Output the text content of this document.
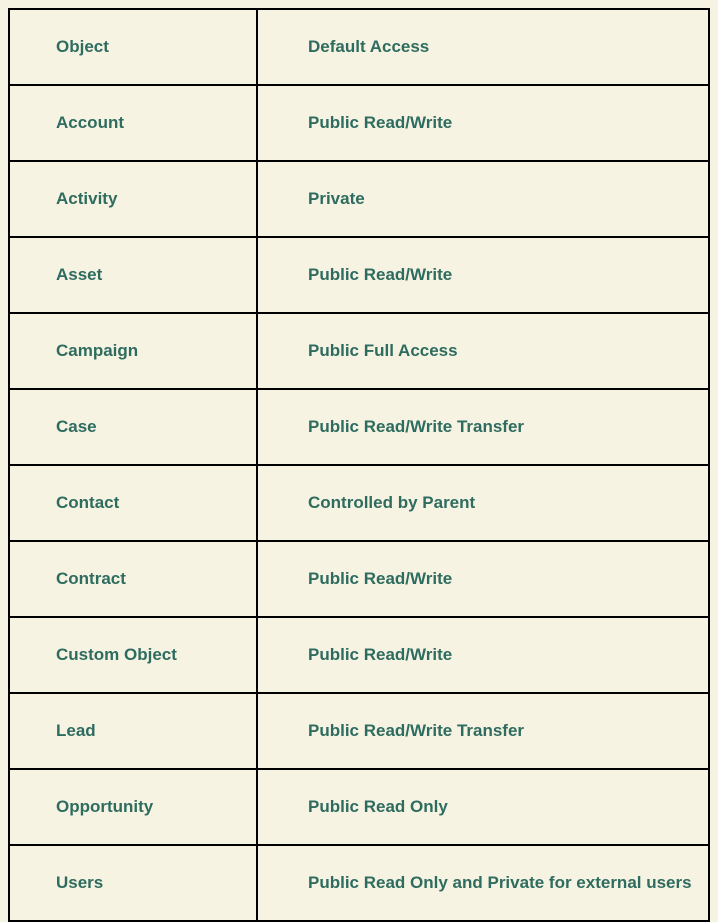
Object	Default Access
Account	Public Read/Write
Activity	Private
Asset	Public Read/Write
Campaign	Public Full Access
Case	Public Read/Write Transfer
Contact	Controlled by Parent
Contract	Public Read/Write
Custom Object	Public Read/Write
Lead	Public Read/Write Transfer
Opportunity	Public Read Only
Users	Public Read Only and Private for external users
